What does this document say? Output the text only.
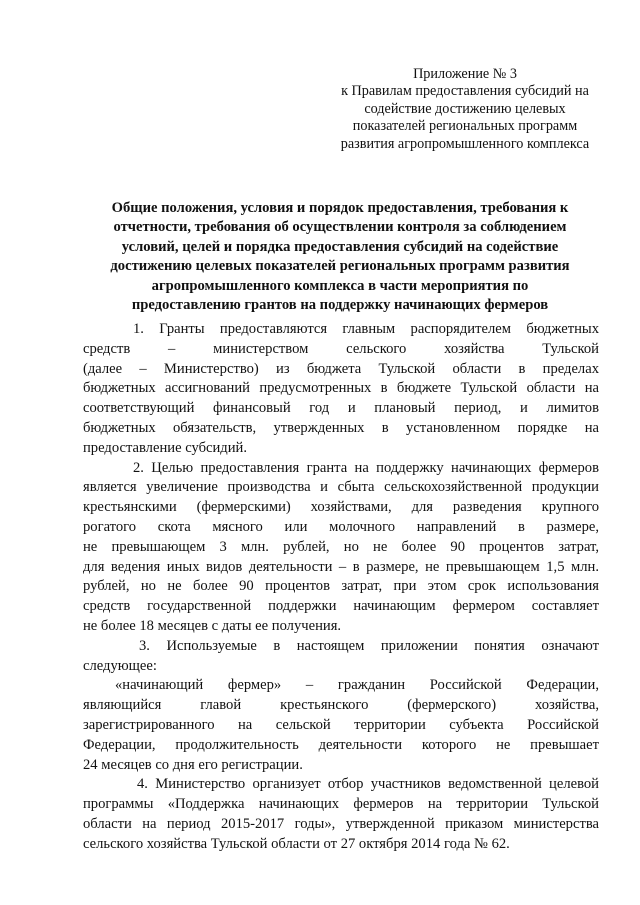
Приложение № 3
к Правилам предоставления субсидий на
содействие достижению целевых
показателей региональных программ
развития агропромышленного комплекса
Общие положения, условия и порядок предоставления, требования к
отчетности, требования об осуществлении контроля за соблюдением
условий, целей и порядка предоставления субсидий на содействие
достижению целевых показателей региональных программ развития
агропромышленного комплекса в части мероприятия по
предоставлению грантов на поддержку начинающих фермеров
1. Гранты предоставляются главным распорядителем бюджетных
средств – министерством сельского хозяйства Тульской
(далее – Министерство) из бюджета Тульской области в пределах
бюджетных ассигнований предусмотренных в бюджете Тульской области на
соответствующий финансовый год и плановый период, и лимитов
бюджетных обязательств, утвержденных в установленном порядке на
предоставление субсидий.
2. Целью предоставления гранта на поддержку начинающих фермеров
является увеличение производства и сбыта сельскохозяйственной продукции
крестьянскими (фермерскими) хозяйствами, для разведения крупного
рогатого скота мясного или молочного направлений в размере,
не превышающем 3 млн. рублей, но не более 90 процентов затрат,
для ведения иных видов деятельности – в размере, не превышающем 1,5 млн.
рублей, но не более 90 процентов затрат, при этом срок использования
средств государственной поддержки начинающим фермером составляет
не более 18 месяцев с даты ее получения.
3. Используемые в настоящем приложении понятия означают
следующее:
«начинающий фермер» – гражданин Российской Федерации,
являющийся главой крестьянского (фермерского) хозяйства,
зарегистрированного на сельской территории субъекта Российской
Федерации, продолжительность деятельности которого не превышает
24 месяцев со дня его регистрации.
4. Министерство организует отбор участников ведомственной целевой
программы «Поддержка начинающих фермеров на территории Тульской
области на период 2015-2017 годы», утвержденной приказом министерства
сельского хозяйства Тульской области от 27 октября 2014 года № 62.
